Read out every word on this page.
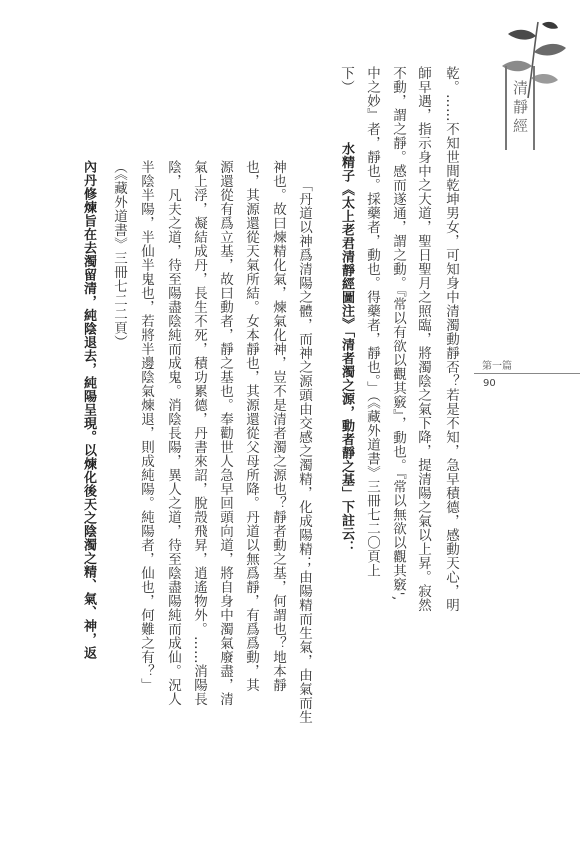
清靜經
第一篇
90
乾。……不知世間乾坤男女，可知身中清濁動靜否？若是不知，急早積德，感動天心，明
師早遇，指示身中之大道，聖日聖月之照臨，將濁陰之氣下降，提清陽之氣以上昇。寂然
不動，謂之靜。感而遂通，謂之動。『常以有欲以觀其竅』，動也。『常以無欲以觀其竅',
中之妙』者，靜也。採藥者，動也。得藥者，靜也。」（《藏外道書》三冊七二〇頁上
下）
水精子《太上老君清靜經圖注》「清者濁之源，動者靜之基」下註云：
「丹道以神爲清陽之體，而神之源頭由交感之濁精，化成陽精；由陽精而生氣，由氣而生
神也。故曰煉精化氣，煉氣化神，豈不是清者濁之源也？靜者動之基，何謂也？地本靜
也，其源還從天氣所結。女本靜也，其源還從父母所降。丹道以無爲靜，有爲爲動，其
源還從有爲立基，故曰動者，靜之基也。奉勸世人急早回頭向道，將自身中濁氣廢盡，清
氣上浮，凝結成丹，長生不死，積功累德，丹書來詔，脫殼飛昇，逍遙物外。……消陽長
陰，凡夫之道，待至陽盡陰純而成鬼。消陰長陽，異人之道，待至陰盡陽純而成仙。況人
半陰半陽，半仙半鬼也，若將半邊陰氣煉退，則成純陽。純陽者，仙也，何難之有？」
（《藏外道書》三冊七二二頁）
內丹修煉旨在去濁留清，純陰退去，純陽呈現。以煉化後天之陰濁之精、氣、神，返
